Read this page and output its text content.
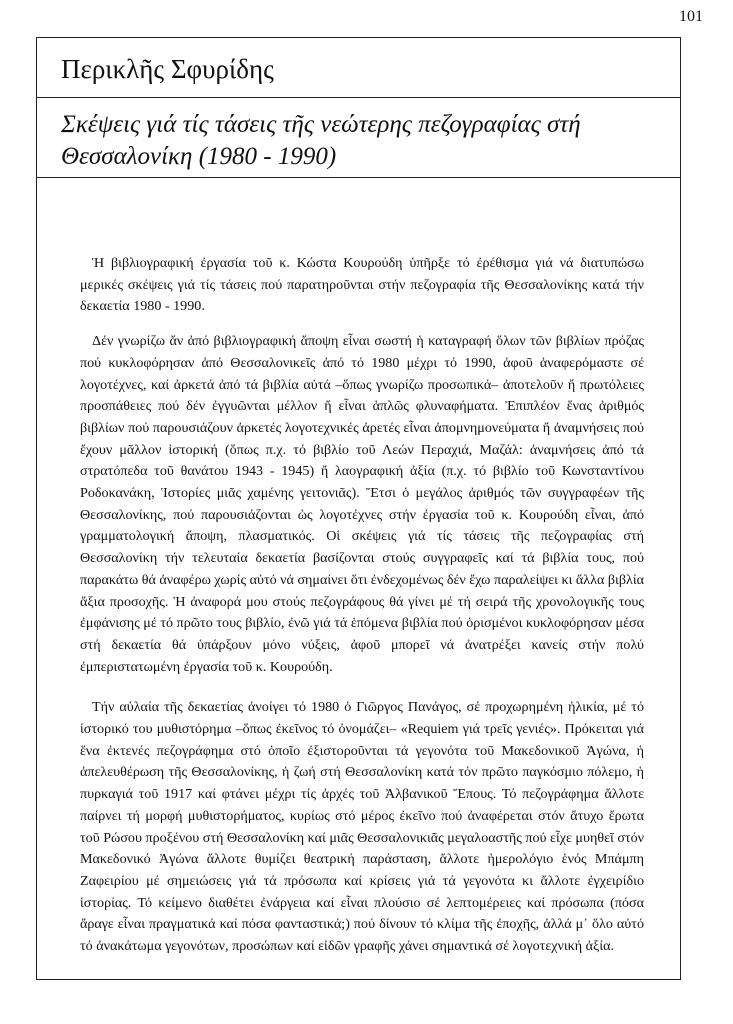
101
Περικλῆς Σφυρίδης
Σκέψεις γιά τίς τάσεις τῆς νεώτερης πεζογραφίας στή Θεσσαλονίκη (1980 - 1990)

Ἡ βιβλιογραφική ἐργασία τοῦ κ. Κώστα Κουρούδη ὑπῆρξε τό ἐρέθισμα γιά νά διατυπώσω μερικές σκέψεις γιά τίς τάσεις πού παρατηροῦνται στήν πεζογραφία τῆς Θεσσαλονίκης κατά τήν δεκαετία 1980 - 1990.

Δέν γνωρίζω ἄν ἀπό βιβλιογραφική ἄποψη εἶναι σωστή ἡ καταγραφή ὅλων τῶν βιβλίων πρόζας πού κυκλοφόρησαν ἀπό Θεσσαλονικεῖς ἀπό τό 1980 μέχρι τό 1990, ἀφοῦ ἀναφερόμαστε σέ λογοτέχνες, καί ἀρκετά ἀπό τά βιβλία αὐτά –ὅπως γνωρίζω προσωπικά– ἀποτελοῦν ἤ πρωτόλειες προσπάθειες πού δέν ἐγγυῶνται μέλλον ἤ εἶναι ἁπλῶς φλυναφήματα. Ἐπιπλέον ἕνας ἀριθμός βιβλίων πού παρουσιάζουν ἀρκετές λογοτεχνικές ἀρετές εἶναι ἀπομνημονεύματα ἤ ἀναμνήσεις πού ἔχουν μᾶλλον ἱστορική (ὅπως π.χ. τό βιβλίο τοῦ Λεών Περαχιά, Μαζάλ: ἀναμνήσεις ἀπό τά στρατόπεδα τοῦ θανάτου 1943 - 1945) ἤ λαογραφική ἀξία (π.χ. τό βιβλίο τοῦ Κωνσταντίνου Ροδοκανάκη, Ἱστορίες μιᾶς χαμένης γειτονιᾶς). Ἔτσι ὁ μεγάλος ἀριθμός τῶν συγγραφέων τῆς Θεσσαλονίκης, πού παρουσιάζονται ὡς λογοτέχνες στήν ἐργασία τοῦ κ. Κουρούδη εἶναι, ἀπό γραμματολογική ἄποψη, πλασματικός. Οἱ σκέψεις γιά τίς τάσεις τῆς πεζογραφίας στή Θεσσαλονίκη τήν τελευταία δεκαετία βασίζονται στούς συγγραφεῖς καί τά βιβλία τους, πού παρακάτω θά ἀναφέρω χωρίς αὐτό νά σημαίνει ὅτι ἐνδεχομένως δέν ἔχω παραλείψει κι ἄλλα βιβλία ἄξια προσοχῆς. Ἡ ἀναφορά μου στούς πεζογράφους θά γίνει μέ τή σειρά τῆς χρονολογικῆς τους ἐμφάνισης μέ τό πρῶτο τους βιβλίο, ἐνῶ γιά τά ἑπόμενα βιβλία πού ὁρισμένοι κυκλοφόρησαν μέσα στή δεκαετία θά ὑπάρξουν μόνο νύξεις, ἀφοῦ μπορεῖ νά ἀνατρέξει κανείς στήν πολύ ἐμπεριστατωμένη ἐργασία τοῦ κ. Κουρούδη.

Τήν αὐλαία τῆς δεκαετίας ἀνοίγει τό 1980 ὁ Γιῶργος Πανάγος, σέ προχωρημένη ἡλικία, μέ τό ἱστορικό του μυθιστόρημα –ὅπως ἐκεῖνος τό ὀνομάζει– «Requiem γιά τρεῖς γενιές». Πρόκειται γιά ἕνα ἐκτενές πεζογράφημα στό ὁποῖο ἐξιστοροῦνται τά γεγονότα τοῦ Μακεδονικοῦ Ἀγώνα, ἡ ἀπελευθέρωση τῆς Θεσσαλονίκης, ἡ ζωή στή Θεσσαλονίκη κατά τόν πρῶτο παγκόσμιο πόλεμο, ἡ πυρκαγιά τοῦ 1917 καί φτάνει μέχρι τίς ἀρχές τοῦ Ἀλβανικοῦ Ἔπους. Τό πεζογράφημα ἄλλοτε παίρνει τή μορφή μυθιστορήματος, κυρίως στό μέρος ἐκεῖνο πού ἀναφέρεται στόν ἄτυχο ἔρωτα τοῦ Ρώσου προξένου στή Θεσσαλονίκη καί μιᾶς Θεσσαλονικιᾶς μεγαλοαστῆς πού εἶχε μυηθεῖ στόν Μακεδονικό Ἀγώνα ἄλλοτε θυμίζει θεατρική παράσταση, ἄλλοτε ἡμερολόγιο ἑνός Μπάμπη Ζαφειρίου μέ σημειώσεις γιά τά πρόσωπα καί κρίσεις γιά τά γεγονότα κι ἄλλοτε ἐγχειρίδιο ἱστορίας. Τό κείμενο διαθέτει ἐνάργεια καί εἶναι πλούσιο σέ λεπτομέρειες καί πρόσωπα (πόσα ἄραγε εἶναι πραγματικά καί πόσα φανταστικά;) πού δίνουν τό κλίμα τῆς ἐποχῆς, ἀλλά μ᾽ ὅλο αὐτό τό ἀνακάτωμα γεγονότων, προσώπων καί εἰδῶν γραφῆς χάνει σημαντικά σέ λογοτεχνική ἀξία.
